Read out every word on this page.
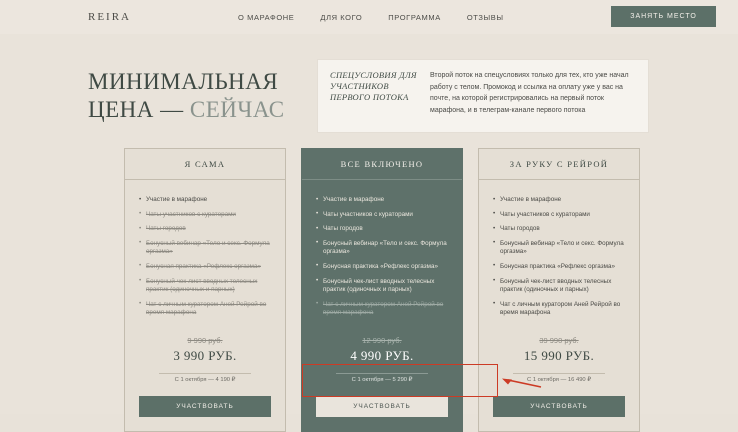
REIRA	О МАРАФОНЕ	ДЛЯ КОГО	ПРОГРАММА	ОТЗЫВЫ	ЗАНЯТЬ МЕСТО
МИНИМАЛЬНАЯ
ЦЕНА — СЕЙЧАС
СПЕЦУСЛОВИЯ ДЛЯ УЧАСТНИКОВ ПЕРВОГО ПОТОКА
Второй поток на спецусловиях только для тех, кто уже начал работу с телом. Промокод и ссылка на оплату уже у вас на почте, на которой регистрировались на первый поток марафона, и в телеграм-канале первого потока
Я САМА
• Участие в марафоне
• Чаты участников с кураторами
• Чаты городов
• Бонусный вебинар «Тело и секс. Формула оргазма»
• Бонусная практика «Рефлекс оргазма»
• Бонусный чек-лист вводных телесных практик (одиночных и парных)
• Чат с личным куратором Аней Рейрой во время марафона
9 990 руб.
3 990 РУБ.
С 1 октября — 4 190 ₽
УЧАСТВОВАТЬ
ВСЕ ВКЛЮЧЕНО
• Участие в марафоне
• Чаты участников с кураторами
• Чаты городов
• Бонусный вебинар «Тело и секс. Формула оргазма»
• Бонусная практика «Рефлекс оргазма»
• Бонусный чек-лист вводных телесных практик (одиночных и парных)
• Чат с личным куратором Аней Рейрой во время марафона
12 990 руб.
4 990 РУБ.
С 1 октября — 5 290 ₽
УЧАСТВОВАТЬ
ЗА РУКУ С РЕЙРОЙ
• Участие в марафоне
• Чаты участников с кураторами
• Чаты городов
• Бонусный вебинар «Тело и секс. Формула оргазма»
• Бонусная практика «Рефлекс оргазма»
• Бонусный чек-лист вводных телесных практик (одиночных и парных)
• Чат с личным куратором Аней Рейрой во время марафона
39 990 руб.
15 990 РУБ.
С 1 октября — 16 490 ₽
УЧАСТВОВАТЬ
